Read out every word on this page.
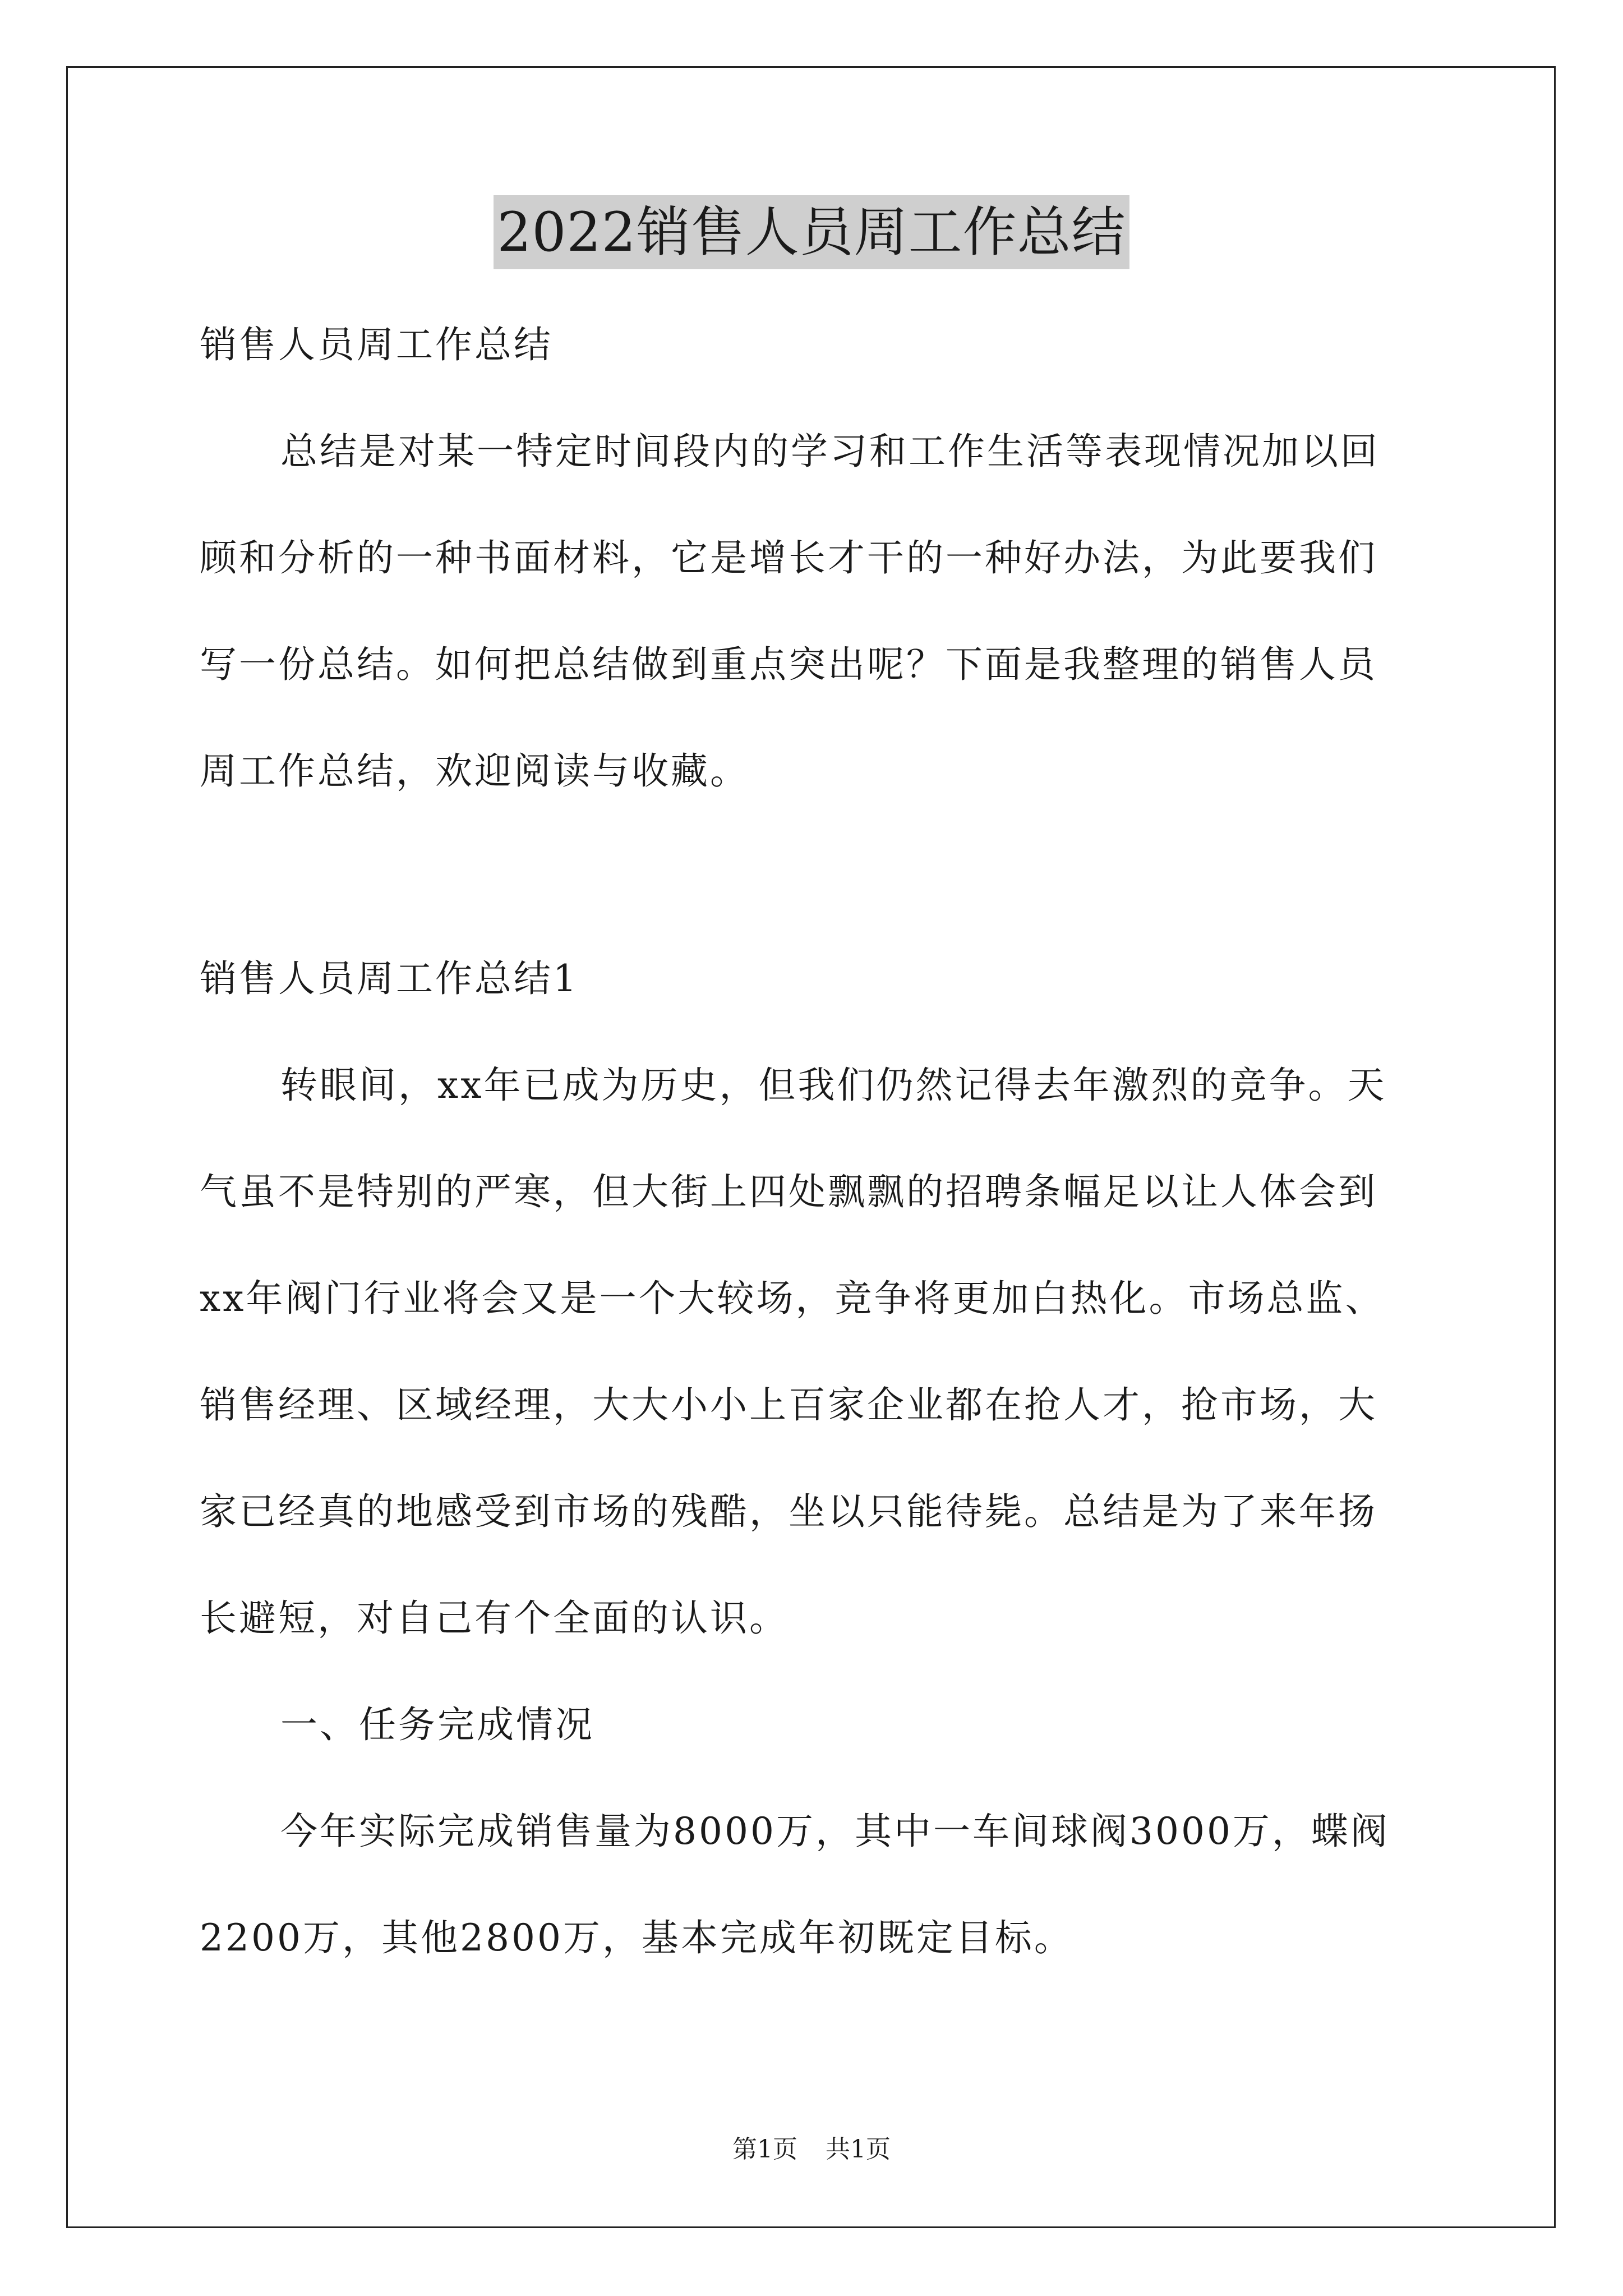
2022销售人员周工作总结
销售人员周工作总结
总结是对某一特定时间段内的学习和工作生活等表现情况加以回
顾和分析的一种书面材料，它是增长才干的一种好办法，为此要我们
写一份总结。如何把总结做到重点突出呢？下面是我整理的销售人员
周工作总结，欢迎阅读与收藏。
销售人员周工作总结1
转眼间，xx年已成为历史，但我们仍然记得去年激烈的竞争。天
气虽不是特别的严寒，但大街上四处飘飘的招聘条幅足以让人体会到
xx年阀门行业将会又是一个大较场，竞争将更加白热化。市场总监、
销售经理、区域经理，大大小小上百家企业都在抢人才，抢市场，大
家已经真的地感受到市场的残酷，坐以只能待毙。总结是为了来年扬
长避短，对自己有个全面的认识。
一、任务完成情况
今年实际完成销售量为8000万，其中一车间球阀3000万，蝶阀
2200万，其他2800万，基本完成年初既定目标。
第1页 共1页
